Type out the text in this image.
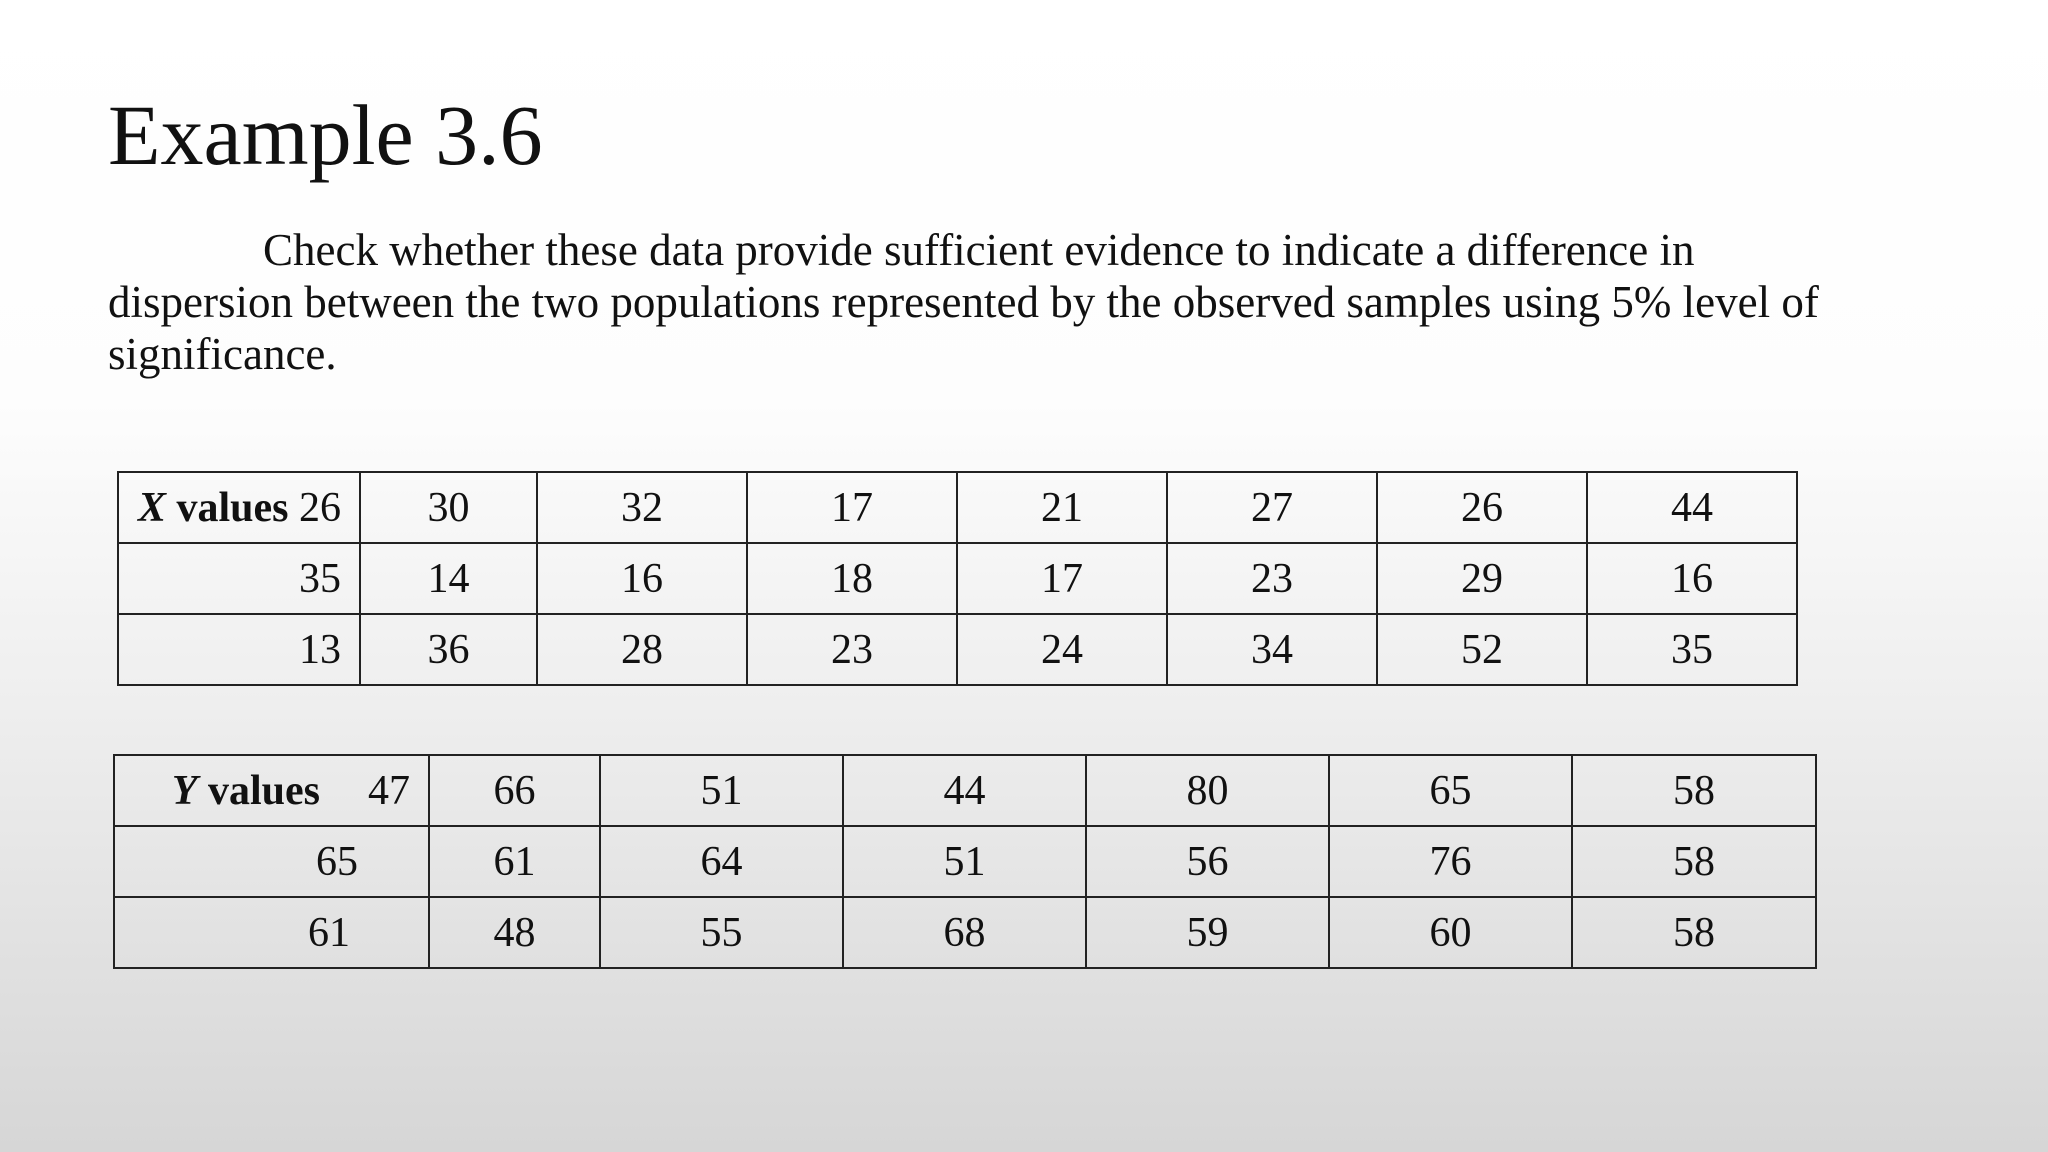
Example 3.6

Check whether these data provide sufficient evidence to indicate a difference in dispersion between the two populations represented by the observed samples using 5% level of significance.

X values 26	30	32	17	21	27	26	44
35	14	16	18	17	23	29	16
13	36	28	23	24	34	52	35
Y values 47	66	51	44	80	65	58
65	61	64	51	56	76	58
61	48	55	68	59	60	58
